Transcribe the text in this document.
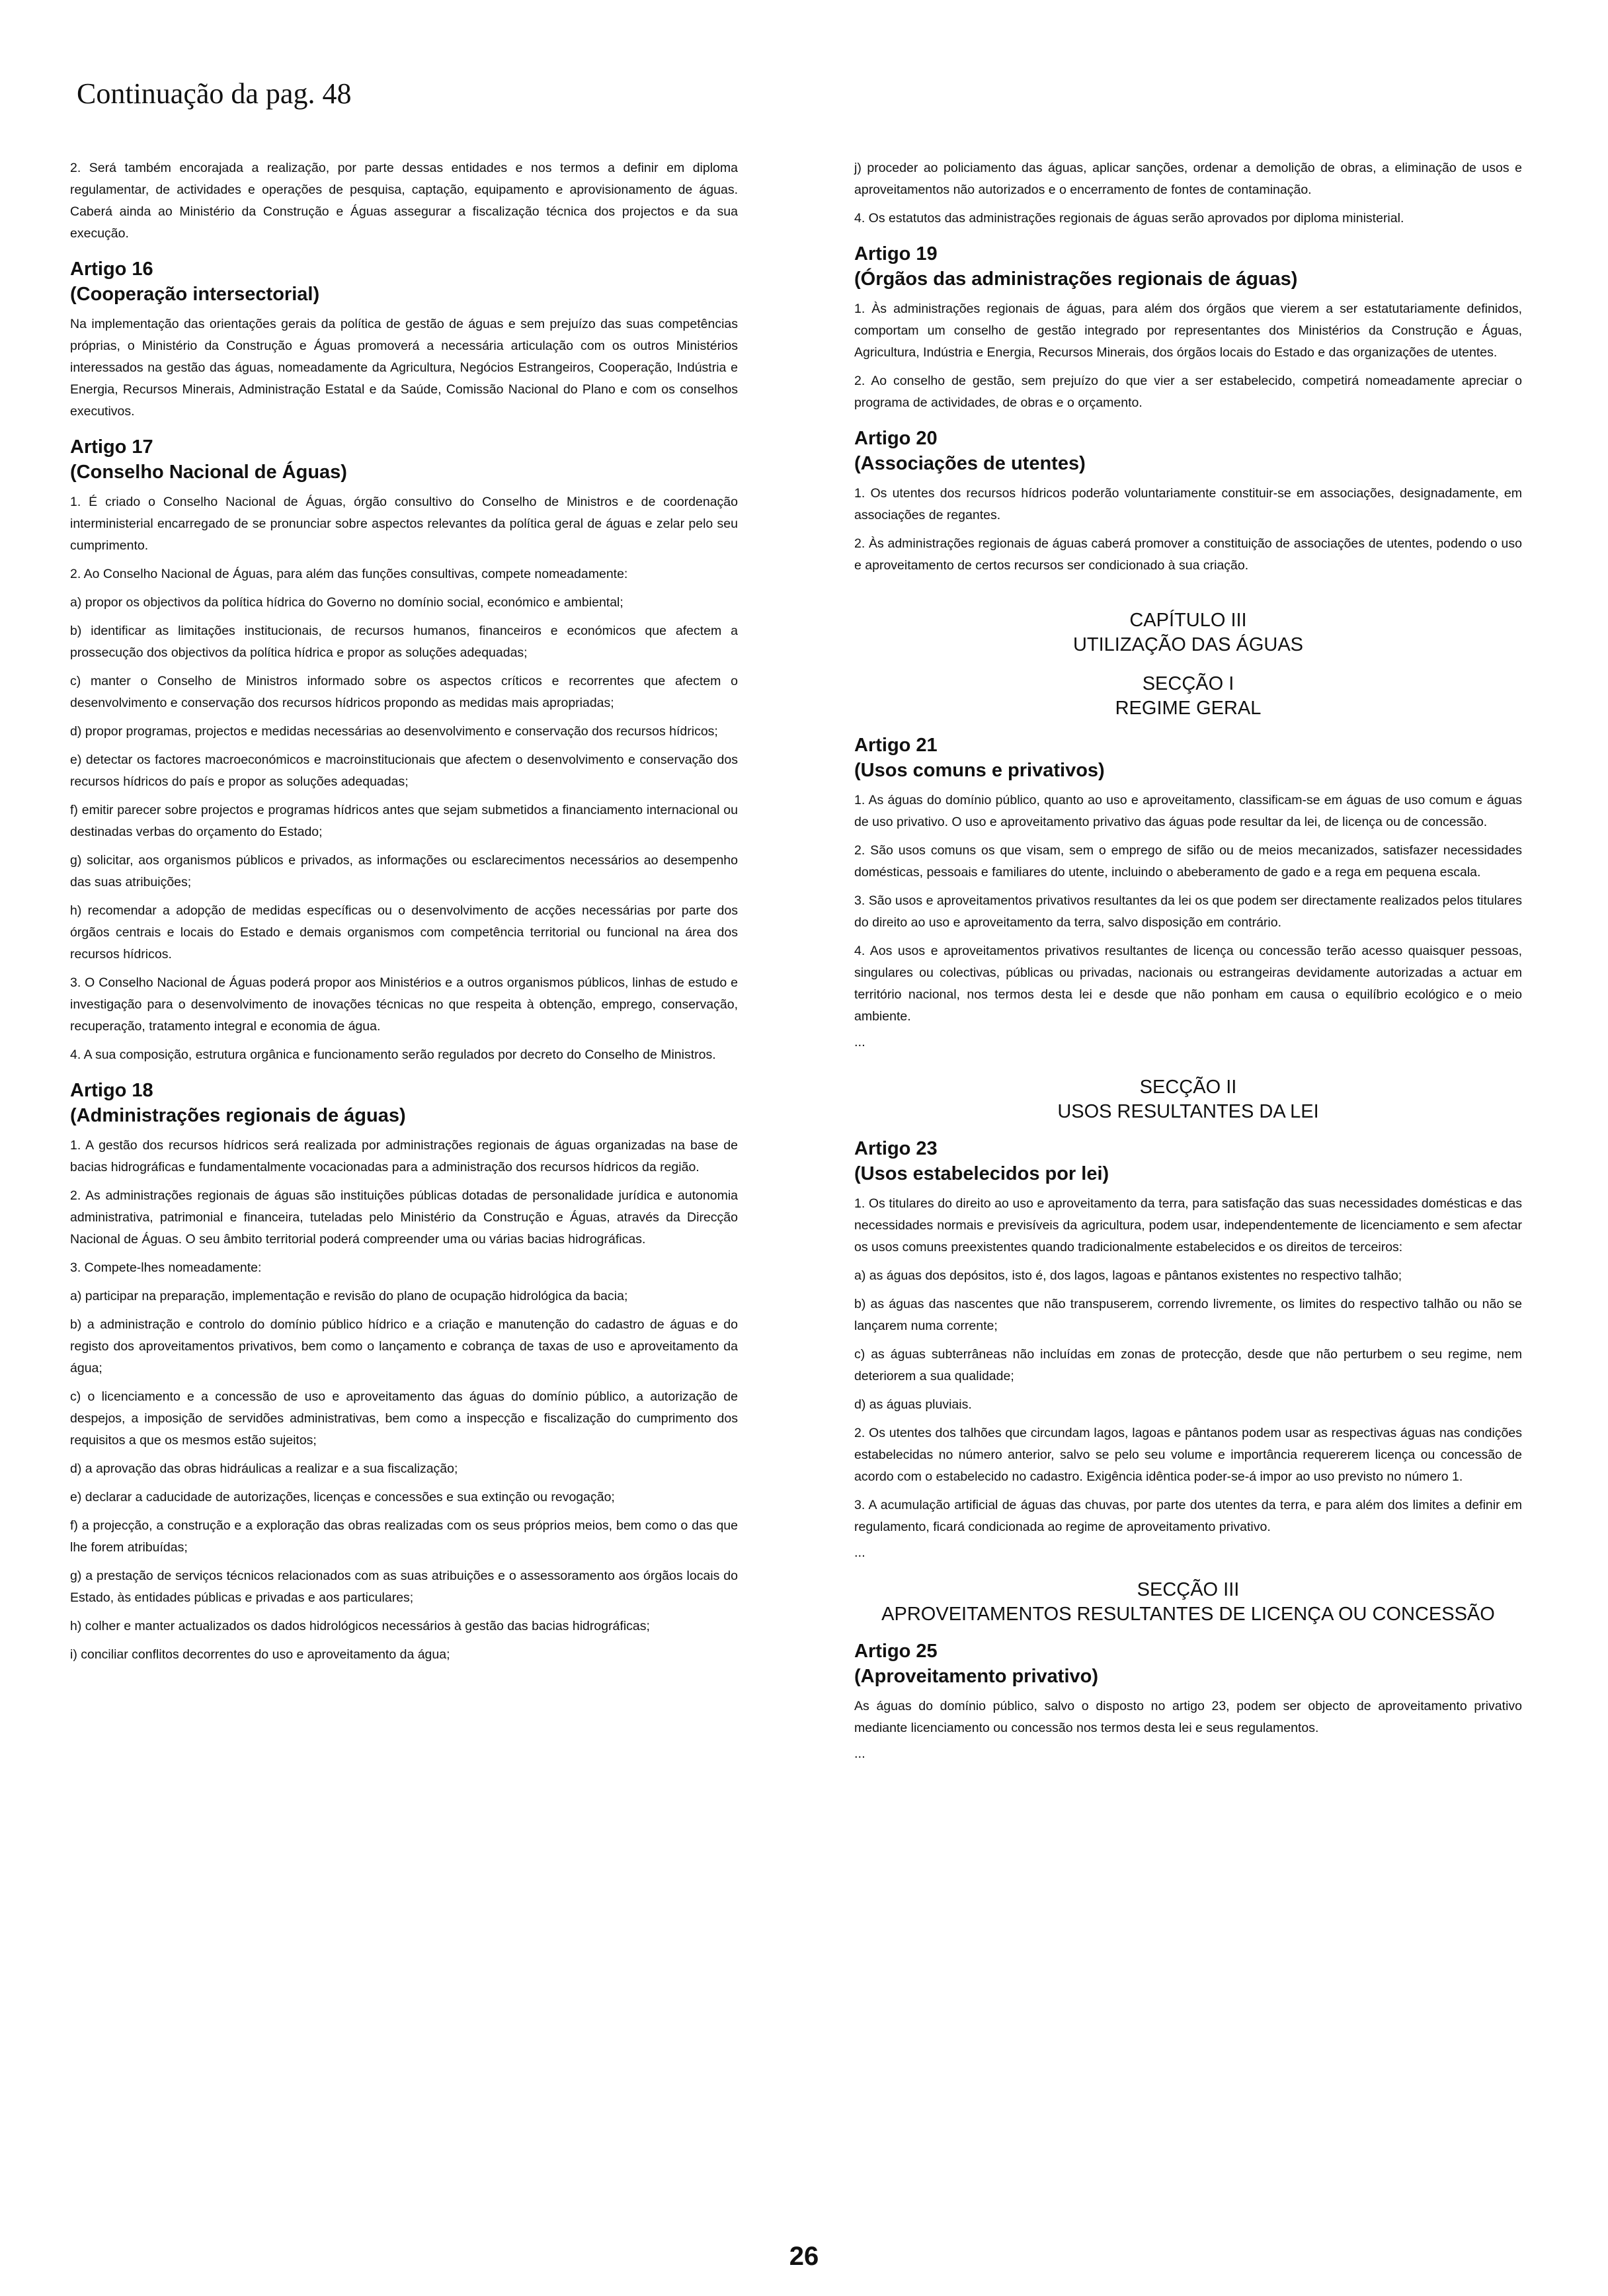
Continuação da pag. 48

2. Será também encorajada a realização, por parte dessas entidades e nos termos a definir em diploma regulamentar, de actividades e operações de pesquisa, captação, equipamento e aprovisionamento de águas. Caberá ainda ao Ministério da Construção e Águas assegurar a fiscalização técnica dos projectos e da sua execução.

Artigo 16
(Cooperação intersectorial)

Na implementação das orientações gerais da política de gestão de águas e sem prejuízo das suas competências próprias, o Ministério da Construção e Águas promoverá a necessária articulação com os outros Ministérios interessados na gestão das águas, nomeadamente da Agricultura, Negócios Estrangeiros, Cooperação, Indústria e Energia, Recursos Minerais, Administração Estatal e da Saúde, Comissão Nacional do Plano e com os conselhos executivos.

Artigo 17
(Conselho Nacional de Águas)

1. É criado o Conselho Nacional de Águas, órgão consultivo do Conselho de Ministros e de coordenação interministerial encarregado de se pronunciar sobre aspectos relevantes da política geral de águas e zelar pelo seu cumprimento.

2. Ao Conselho Nacional de Águas, para além das funções consultivas, compete nomeadamente:

a) propor os objectivos da política hídrica do Governo no domínio social, económico e ambiental;

b) identificar as limitações institucionais, de recursos humanos, financeiros e económicos que afectem a prossecução dos objectivos da política hídrica e propor as soluções adequadas;

c) manter o Conselho de Ministros informado sobre os aspectos críticos e recorrentes que afectem o desenvolvimento e conservação dos recursos hídricos propondo as medidas mais apropriadas;

d) propor programas, projectos e medidas necessárias ao desenvolvimento e conservação dos recursos hídricos;

e) detectar os factores macroeconómicos e macroinstitucionais que afectem o desenvolvimento e conservação dos recursos hídricos do país e propor as soluções adequadas;

f) emitir parecer sobre projectos e programas hídricos antes que sejam submetidos a financiamento internacional ou destinadas verbas do orçamento do Estado;

g) solicitar, aos organismos públicos e privados, as informações ou esclarecimentos necessários ao desempenho das suas atribuições;

h) recomendar a adopção de medidas específicas ou o desenvolvimento de acções necessárias por parte dos órgãos centrais e locais do Estado e demais organismos com competência territorial ou funcional na área dos recursos hídricos.

3. O Conselho Nacional de Águas poderá propor aos Ministérios e a outros organismos públicos, linhas de estudo e investigação para o desenvolvimento de inovações técnicas no que respeita à obtenção, emprego, conservação, recuperação, tratamento integral e economia de água.

4. A sua composição, estrutura orgânica e funcionamento serão regulados por decreto do Conselho de Ministros.

Artigo 18
(Administrações regionais de águas)

1. A gestão dos recursos hídricos será realizada por administrações regionais de águas organizadas na base de bacias hidrográficas e fundamentalmente vocacionadas para a administração dos recursos hídricos da região.

2. As administrações regionais de águas são instituições públicas dotadas de personalidade jurídica e autonomia administrativa, patrimonial e financeira, tuteladas pelo Ministério da Construção e Águas, através da Direcção Nacional de Águas. O seu âmbito territorial poderá compreender uma ou várias bacias hidrográficas.

3. Compete-lhes nomeadamente:

a) participar na preparação, implementação e revisão do plano de ocupação hidrológica da bacia;

b) a administração e controlo do domínio público hídrico e a criação e manutenção do cadastro de águas e do registo dos aproveitamentos privativos, bem como o lançamento e cobrança de taxas de uso e aproveitamento da água;

c) o licenciamento e a concessão de uso e aproveitamento das águas do domínio público, a autorização de despejos, a imposição de servidões administrativas, bem como a inspecção e fiscalização do cumprimento dos requisitos a que os mesmos estão sujeitos;

d) a aprovação das obras hidráulicas a realizar e a sua fiscalização;

e) declarar a caducidade de autorizações, licenças e concessões e sua extinção ou revogação;

f) a projecção, a construção e a exploração das obras realizadas com os seus próprios meios, bem como o das que lhe forem atribuídas;

g) a prestação de serviços técnicos relacionados com as suas atribuições e o assessoramento aos órgãos locais do Estado, às entidades públicas e privadas e aos particulares;

h) colher e manter actualizados os dados hidrológicos necessários à gestão das bacias hidrográficas;

i) conciliar conflitos decorrentes do uso e aproveitamento da água;

j) proceder ao policiamento das águas, aplicar sanções, ordenar a demolição de obras, a eliminação de usos e aproveitamentos não autorizados e o encerramento de fontes de contaminação.

4. Os estatutos das administrações regionais de águas serão aprovados por diploma ministerial.

Artigo 19
(Órgãos das administrações regionais de águas)

1. Às administrações regionais de águas, para além dos órgãos que vierem a ser estatutariamente definidos, comportam um conselho de gestão integrado por representantes dos Ministérios da Construção e Águas, Agricultura, Indústria e Energia, Recursos Minerais, dos órgãos locais do Estado e das organizações de utentes.

2. Ao conselho de gestão, sem prejuízo do que vier a ser estabelecido, competirá nomeadamente apreciar o programa de actividades, de obras e o orçamento.

Artigo 20
(Associações de utentes)

1. Os utentes dos recursos hídricos poderão voluntariamente constituir-se em associações, designadamente, em associações de regantes.

2. Às administrações regionais de águas caberá promover a constituição de associações de utentes, podendo o uso e aproveitamento de certos recursos ser condicionado à sua criação.

CAPÍTULO III
UTILIZAÇÃO DAS ÁGUAS
SECÇÃO I
REGIME GERAL
Artigo 21
(Usos comuns e privativos)

1. As águas do domínio público, quanto ao uso e aproveitamento, classificam-se em águas de uso comum e águas de uso privativo. O uso e aproveitamento privativo das águas pode resultar da lei, de licença ou de concessão.

2. São usos comuns os que visam, sem o emprego de sifão ou de meios mecanizados, satisfazer necessidades domésticas, pessoais e familiares do utente, incluindo o abeberamento de gado e a rega em pequena escala.

3. São usos e aproveitamentos privativos resultantes da lei os que podem ser directamente realizados pelos titulares do direito ao uso e aproveitamento da terra, salvo disposição em contrário.

4. Aos usos e aproveitamentos privativos resultantes de licença ou concessão terão acesso quaisquer pessoas, singulares ou colectivas, públicas ou privadas, nacionais ou estrangeiras devidamente autorizadas a actuar em território nacional, nos termos desta lei e desde que não ponham em causa o equilíbrio ecológico e o meio ambiente.

...
SECÇÃO II
USOS RESULTANTES DA LEI
Artigo 23
(Usos estabelecidos por lei)

1. Os titulares do direito ao uso e aproveitamento da terra, para satisfação das suas necessidades domésticas e das necessidades normais e previsíveis da agricultura, podem usar, independentemente de licenciamento e sem afectar os usos comuns preexistentes quando tradicionalmente estabelecidos e os direitos de terceiros:

a) as águas dos depósitos, isto é, dos lagos, lagoas e pântanos existentes no respectivo talhão;

b) as águas das nascentes que não transpuserem, correndo livremente, os limites do respectivo talhão ou não se lançarem numa corrente;

c) as águas subterrâneas não incluídas em zonas de protecção, desde que não perturbem o seu regime, nem deteriorem a sua qualidade;

d) as águas pluviais.

2. Os utentes dos talhões que circundam lagos, lagoas e pântanos podem usar as respectivas águas nas condições estabelecidas no número anterior, salvo se pelo seu volume e importância requererem licença ou concessão de acordo com o estabelecido no cadastro. Exigência idêntica poder-se-á impor ao uso previsto no número 1.

3. A acumulação artificial de águas das chuvas, por parte dos utentes da terra, e para além dos limites a definir em regulamento, ficará condicionada ao regime de aproveitamento privativo.

...
SECÇÃO III
APROVEITAMENTOS RESULTANTES DE LICENÇA OU CONCESSÃO
Artigo 25
(Aproveitamento privativo)

As águas do domínio público, salvo o disposto no artigo 23, podem ser objecto de aproveitamento privativo mediante licenciamento ou concessão nos termos desta lei e seus regulamentos.

...
26
